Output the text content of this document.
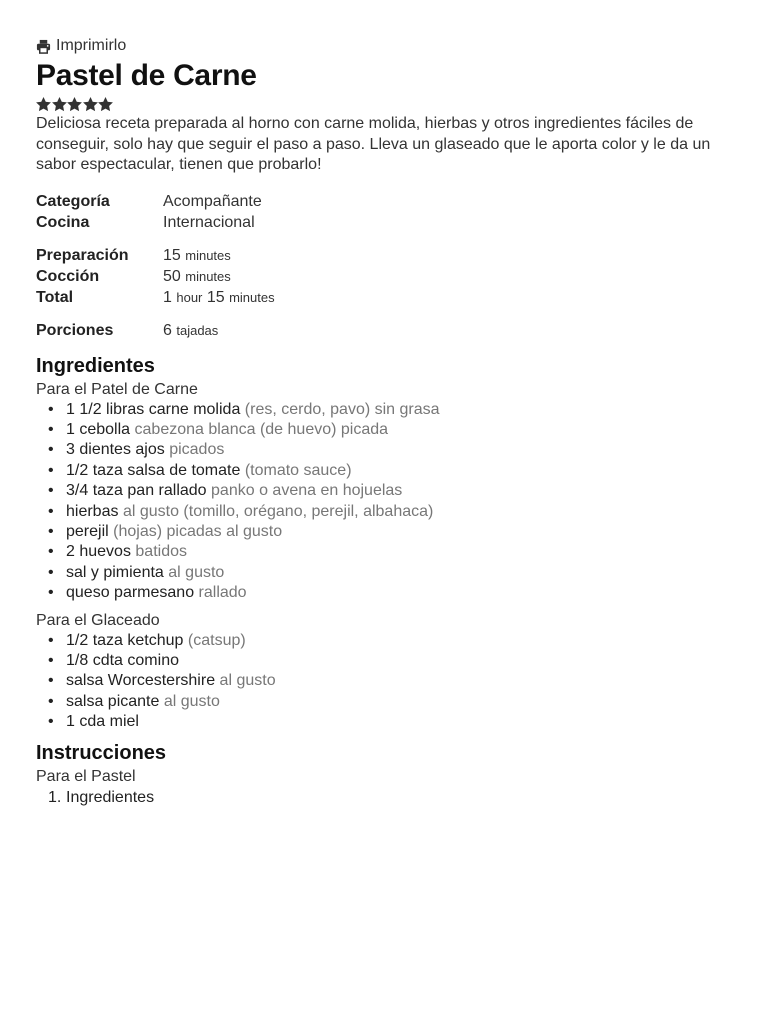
Imprimirlo
Pastel de Carne

Deliciosa receta preparada al horno con carne molida, hierbas y otros ingredientes fáciles de conseguir, solo hay que seguir el paso a paso. Lleva un glaseado que le aporta color y le da un sabor espectacular, tienen que probarlo!

Categoría	Acompañante
Cocina	Internacional
Preparación	15 minutes
Cocción	50 minutes
Total	1 hour 15 minutes
Porciones	6 tajadas
Ingredientes
Para el Patel de Carne
• 1 1/2 libras carne molida (res, cerdo, pavo) sin grasa
• 1 cebolla cabezona blanca (de huevo) picada
• 3 dientes ajos picados
• 1/2 taza salsa de tomate (tomato sauce)
• 3/4 taza pan rallado panko o avena en hojuelas
• hierbas al gusto (tomillo, orégano, perejil, albahaca)
• perejil (hojas) picadas al gusto
• 2 huevos batidos
• sal y pimienta al gusto
• queso parmesano rallado
Para el Glaceado
• 1/2 taza ketchup (catsup)
• 1/8 cdta comino
• salsa Worcestershire al gusto
• salsa picante al gusto
• 1 cda miel
Instrucciones
Para el Pastel
1. Ingredientes
